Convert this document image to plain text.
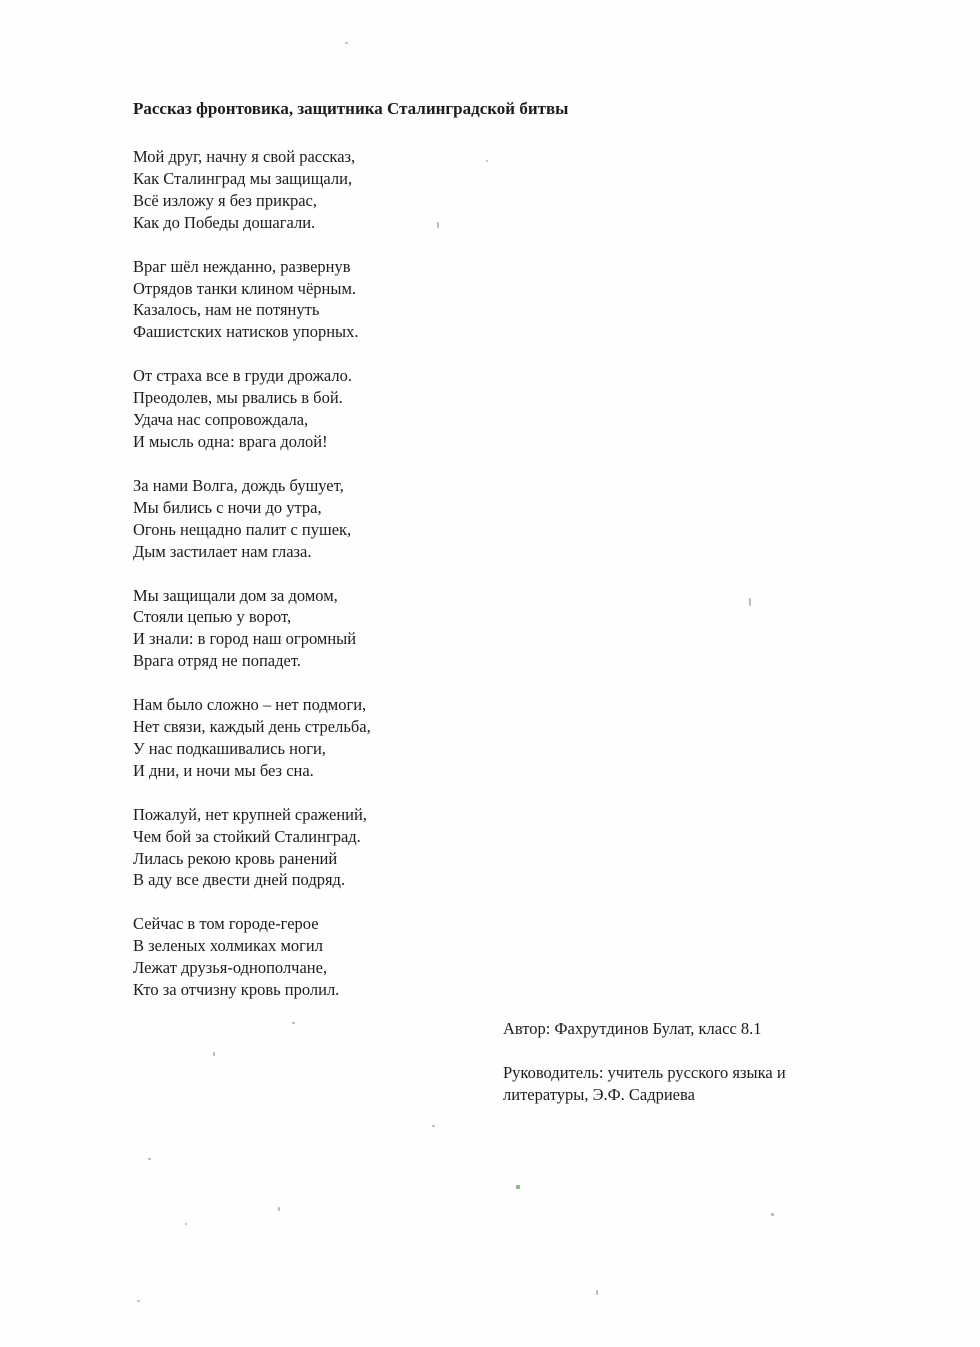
Рассказ фронтовика, защитника Сталинградской битвы
Мой друг, начну я свой рассказ,
Как Сталинград мы защищали,
Всё изложу я без прикрас,
Как до Победы дошагали.
Враг шёл нежданно, развернув
Отрядов танки клином чёрным.
Казалось, нам не потянуть
Фашистских натисков упорных.
От страха все в груди дрожало.
Преодолев, мы рвались в бой.
Удача нас сопровождала,
И мысль одна: врага долой!
За нами Волга, дождь бушует,
Мы бились с ночи до утра,
Огонь нещадно палит с пушек,
Дым застилает нам глаза.
Мы защищали дом за домом,
Стояли цепью у ворот,
И знали: в город наш огромный
Врага отряд не попадет.
Нам было сложно – нет подмоги,
Нет связи, каждый день стрельба,
У нас подкашивались ноги,
И дни, и ночи мы без сна.
Пожалуй, нет крупней сражений,
Чем бой за стойкий Сталинград.
Лилась рекою кровь ранений
В аду все двести дней подряд.
Сейчас в том городе-герое
В зеленых холмиках могил
Лежат друзья-однополчане,
Кто за отчизну кровь пролил.
Автор: Фахрутдинов Булат, класс 8.1
Руководитель: учитель русского языка и литературы, Э.Ф. Садриева
